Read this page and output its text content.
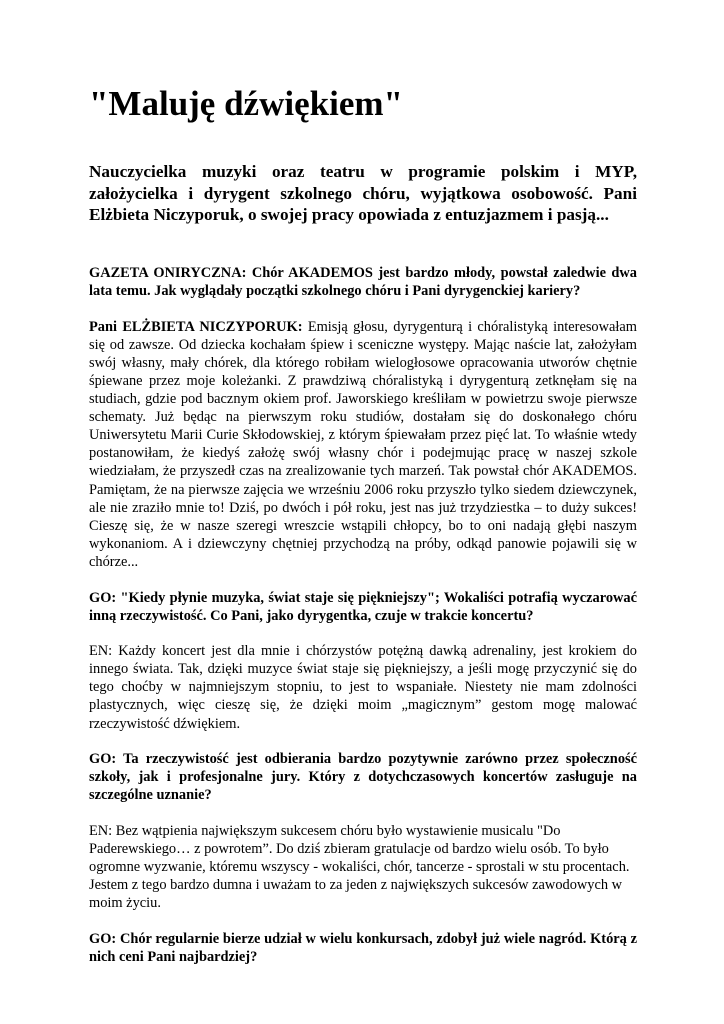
"Maluję dźwiękiem"

Nauczycielka muzyki oraz teatru w programie polskim i MYP, założycielka i dyrygent szkolnego chóru, wyjątkowa osobowość. Pani Elżbieta Niczyporuk, o swojej pracy opowiada z entuzjazmem i pasją...

GAZETA ONIRYCZNA: Chór AKADEMOS jest bardzo młody, powstał zaledwie dwa lata temu. Jak wyglądały początki szkolnego chóru i Pani dyrygenckiej kariery?

Pani ELŻBIETA NICZYPORUK: Emisją głosu, dyrygenturą i chóralistyką interesowałam się od zawsze. Od dziecka kochałam śpiew i sceniczne występy. Mając naście lat, założyłam swój własny, mały chórek, dla którego robiłam wielogłosowe opracowania utworów chętnie śpiewane przez moje koleżanki. Z prawdziwą chóralistyką i dyrygenturą zetknęłam się na studiach, gdzie pod bacznym okiem prof. Jaworskiego kreśliłam w powietrzu swoje pierwsze schematy. Już będąc na pierwszym roku studiów, dostałam się do doskonałego chóru Uniwersytetu Marii Curie Skłodowskiej, z którym śpiewałam przez pięć lat. To właśnie wtedy postanowiłam, że kiedyś założę swój własny chór i podejmując pracę w naszej szkole wiedziałam, że przyszedł czas na zrealizowanie tych marzeń. Tak powstał chór AKADEMOS. Pamiętam, że na pierwsze zajęcia we wrześniu 2006 roku przyszło tylko siedem dziewczynek, ale nie zraziło mnie to! Dziś, po dwóch i pół roku, jest nas już trzydziestka – to duży sukces! Cieszę się, że w nasze szeregi wreszcie wstąpili chłopcy, bo to oni nadają głębi naszym wykonaniom. A i dziewczyny chętniej przychodzą na próby, odkąd panowie pojawili się w chórze...

GO: "Kiedy płynie muzyka, świat staje się piękniejszy"; Wokaliści potrafią wyczarować inną rzeczywistość. Co Pani, jako dyrygentka, czuje w trakcie koncertu?

EN: Każdy koncert jest dla mnie i chórzystów potężną dawką adrenaliny, jest krokiem do innego świata. Tak, dzięki muzyce świat staje się piękniejszy, a jeśli mogę przyczynić się do tego choćby w najmniejszym stopniu, to jest to wspaniałe. Niestety nie mam zdolności plastycznych, więc cieszę się, że dzięki moim „magicznym” gestom mogę malować rzeczywistość dźwiękiem.

GO: Ta rzeczywistość jest odbierania bardzo pozytywnie zarówno przez społeczność szkoły, jak i profesjonalne jury. Który z dotychczasowych koncertów zasługuje na szczególne uznanie?

EN: Bez wątpienia największym sukcesem chóru było wystawienie musicalu "Do Paderewskiego… z powrotem”. Do dziś zbieram gratulacje od bardzo wielu osób. To było ogromne wyzwanie, któremu wszyscy - wokaliści, chór, tancerze - sprostali w stu procentach. Jestem z tego bardzo dumna i uważam to za jeden z największych sukcesów zawodowych w moim życiu.

GO: Chór regularnie bierze udział w wielu konkursach, zdobył już wiele nagród. Którą z nich ceni Pani najbardziej?
